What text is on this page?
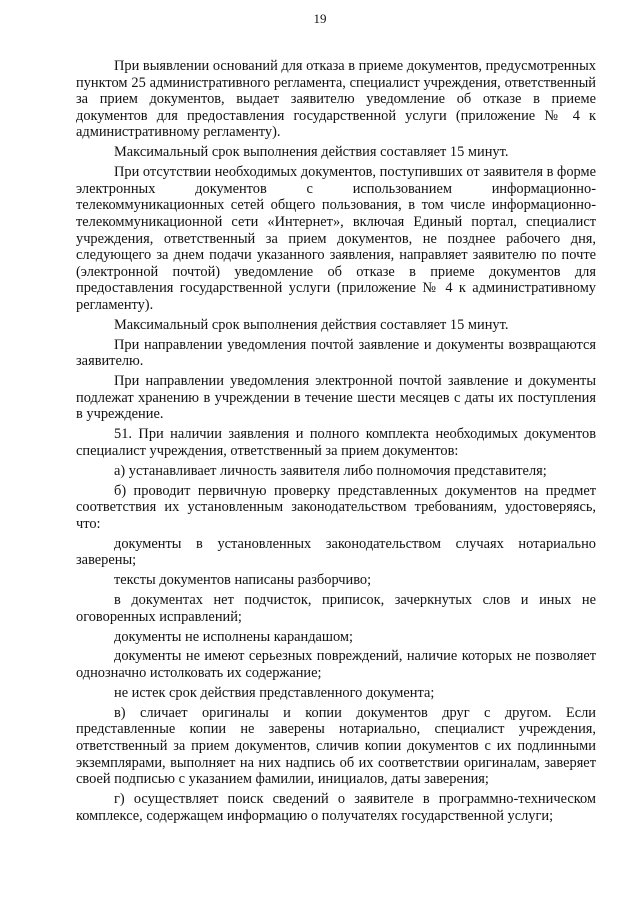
19

При выявлении оснований для отказа в приеме документов, предусмотренных пунктом 25 административного регламента, специалист учреждения, ответственный за прием документов, выдает заявителю уведомление об отказе в приеме документов для предоставления государственной услуги (приложение № 4 к административному регламенту).

Максимальный срок выполнения действия составляет 15 минут.

При отсутствии необходимых документов, поступивших от заявителя в форме электронных документов с использованием информационно-телекоммуникационных сетей общего пользования, в том числе информационно-телекоммуникационной сети «Интернет», включая Единый портал, специалист учреждения, ответственный за прием документов, не позднее рабочего дня, следующего за днем подачи указанного заявления, направляет заявителю по почте (электронной почтой) уведомление об отказе в приеме документов для предоставления государственной услуги (приложение № 4 к административному регламенту).

Максимальный срок выполнения действия составляет 15 минут.

При направлении уведомления почтой заявление и документы возвращаются заявителю.

При направлении уведомления электронной почтой заявление и документы подлежат хранению в учреждении в течение шести месяцев с даты их поступления в учреждение.

51. При наличии заявления и полного комплекта необходимых документов специалист учреждения, ответственный за прием документов:

а) устанавливает личность заявителя либо полномочия представителя;

б) проводит первичную проверку представленных документов на предмет соответствия их установленным законодательством требованиям, удостоверяясь, что:

документы в установленных законодательством случаях нотариально заверены;

тексты документов написаны разборчиво;

в документах нет подчисток, приписок, зачеркнутых слов и иных не оговоренных исправлений;

документы не исполнены карандашом;

документы не имеют серьезных повреждений, наличие которых не позволяет однозначно истолковать их содержание;

не истек срок действия представленного документа;

в) сличает оригиналы и копии документов друг с другом. Если представленные копии не заверены нотариально, специалист учреждения, ответственный за прием документов, сличив копии документов с их подлинными экземплярами, выполняет на них надпись об их соответствии оригиналам, заверяет своей подписью с указанием фамилии, инициалов, даты заверения;

г) осуществляет поиск сведений о заявителе в программно-техническом комплексе, содержащем информацию о получателях государственной услуги;
